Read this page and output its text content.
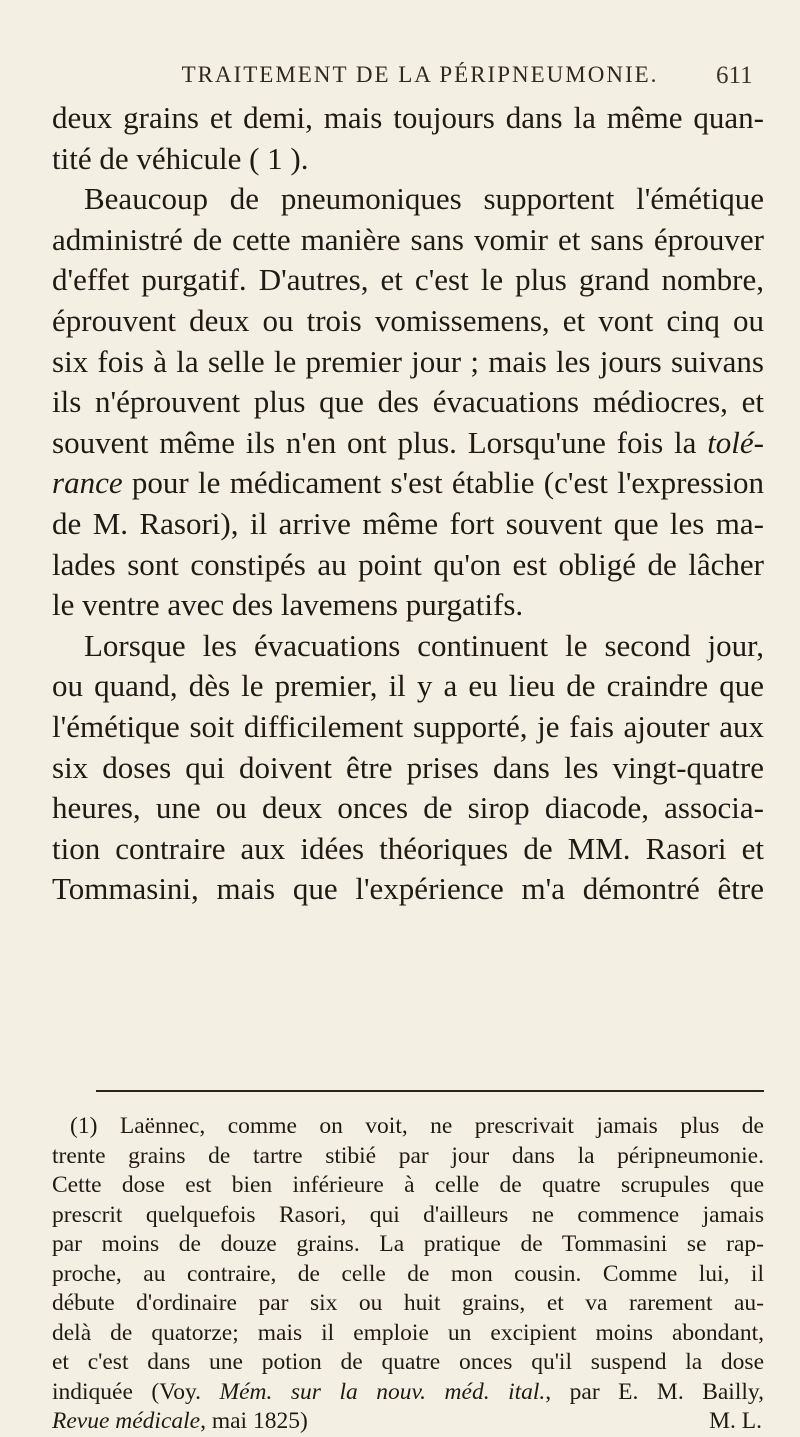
TRAITEMENT DE LA PÉRIPNEUMONIE.	611

deux grains et demi, mais toujours dans la même quan-
tité de véhicule ( 1 ).

Beaucoup de pneumoniques supportent l'émétique
administré de cette manière sans vomir et sans éprouver
d'effet purgatif. D'autres, et c'est le plus grand nombre,
éprouvent deux ou trois vomissemens, et vont cinq ou
six fois à la selle le premier jour ; mais les jours suivans
ils n'éprouvent plus que des évacuations médiocres, et
souvent même ils n'en ont plus. Lorsqu'une fois la tolé-
rance pour le médicament s'est établie (c'est l'expression
de M. Rasori), il arrive même fort souvent que les ma-
lades sont constipés au point qu'on est obligé de lâcher
le ventre avec des lavemens purgatifs.

Lorsque les évacuations continuent le second jour,
ou quand, dès le premier, il y a eu lieu de craindre que
l'émétique soit difficilement supporté, je fais ajouter aux
six doses qui doivent être prises dans les vingt-quatre
heures, une ou deux onces de sirop diacode, associa-
tion contraire aux idées théoriques de MM. Rasori et
Tommasini, mais que l'expérience m'a démontré être

(1) Laënnec, comme on voit, ne prescrivait jamais plus de
trente grains de tartre stibié par jour dans la péripneumonie.
Cette dose est bien inférieure à celle de quatre scrupules que
prescrit quelquefois Rasori, qui d'ailleurs ne commence jamais
par moins de douze grains. La pratique de Tommasini se rap-
proche, au contraire, de celle de mon cousin. Comme lui, il
débute d'ordinaire par six ou huit grains, et va rarement au-
delà de quatorze; mais il emploie un excipient moins abondant,
et c'est dans une potion de quatre onces qu'il suspend la dose
indiquée (Voy. Mém. sur la nouv. méd. ital., par E. M. Bailly,
Revue médicale, mai 1825)	M. L.
